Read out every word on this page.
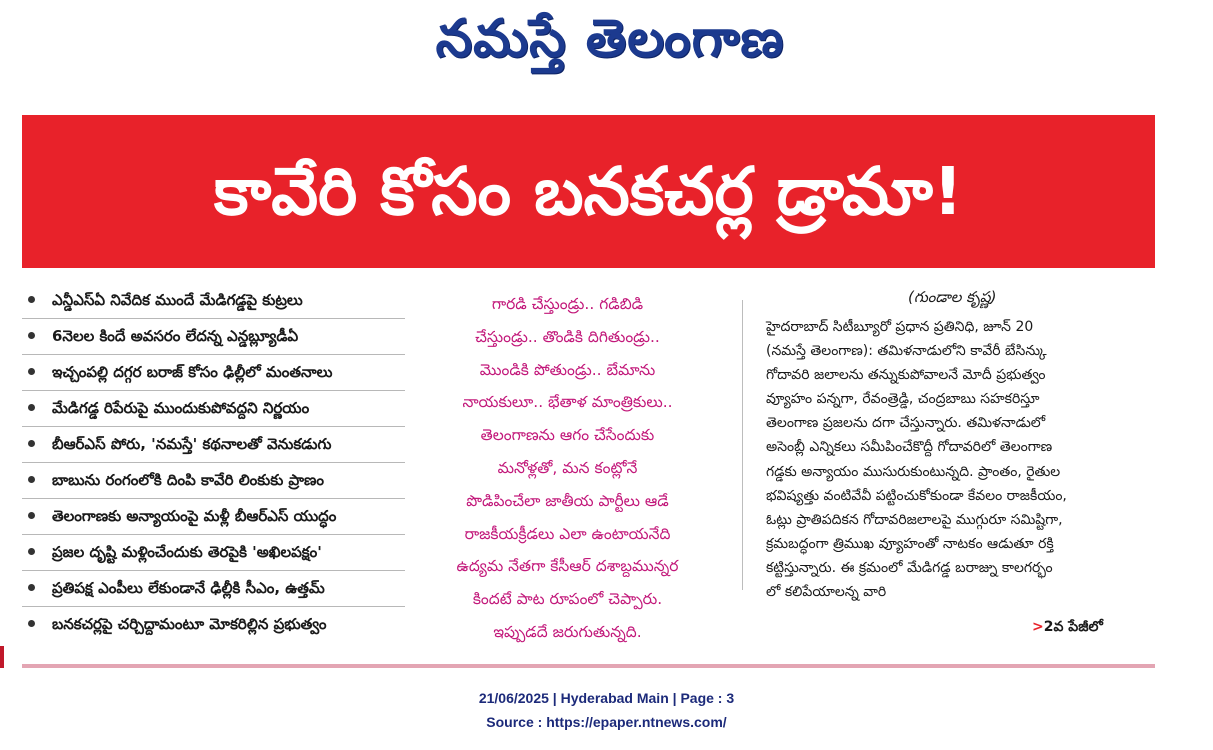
నమస్తే తెలంగాణ
కావేరి కోసం బనకచర్ల డ్రామా!
ఎన్డీఎస్ఏ నివేదిక ముందే మేడిగడ్డపై కుట్రలు
6నెలల కిందే అవసరం లేదన్న ఎన్డబ్ల్యూడీఏ
ఇచ్చంపల్లి దగ్గర బరాజ్ కోసం ఢిల్లీలో మంతనాలు
మేడిగడ్డ రిపేరుపై ముందుకుపోవద్దని నిర్ణయం
బీఆర్ఎస్ పోరు, 'నమస్తే' కథనాలతో వెనుకడుగు
బాబును రంగంలోకి దింపి కావేరి లింకుకు ప్రాణం
తెలంగాణకు అన్యాయంపై మళ్లీ బీఆర్ఎస్ యుద్ధం
ప్రజల దృష్టి మళ్లించేందుకు తెరపైకి 'అఖిలపక్షం'
ప్రతిపక్ష ఎంపీలు లేకుండానే ఢిల్లీకి సీఎం, ఉత్తమ్
బనకచర్లపై చర్చిద్దామంటూ మోకరిల్లిన ప్రభుత్వం

గారడి చేస్తుండ్రు.. గడిబిడి

చేస్తుండ్రు.. తొండికి దిగితుండ్రు..

మొండికి పోతుండ్రు.. బేమాను

నాయకులూ.. భేతాళ మాంత్రికులు..

తెలంగాణను ఆగం చేసేందుకు

మనోళ్లతో, మన కంట్లోనే

పొడిపించేలా జాతీయ పార్టీలు ఆడే

రాజకీయక్రీడలు ఎలా ఉంటాయనేది

ఉద్యమ నేతగా కేసీఆర్ దశాబ్దమున్నర

కిందటే పాట రూపంలో చెప్పారు.

ఇప్పుడదే జరుగుతున్నది.

(గుండాల కృష్ణ)

హైదరాబాద్ సిటీబ్యూరో ప్రధాన ప్రతినిధి, జూన్ 20

(నమస్తే తెలంగాణ): తమిళనాడులోని కావేరీ బేసిన్కు

గోదావరి జలాలను తన్నుకుపోవాలనే మోదీ ప్రభుత్వం

వ్యూహం పన్నగా, రేవంత్రెడ్డి, చంద్రబాబు సహకరిస్తూ

తెలంగాణ ప్రజలను దగా చేస్తున్నారు. తమిళనాడులో

అసెంబ్లీ ఎన్నికలు సమీపించేకొద్దీ గోదావరిలో తెలంగాణ

గడ్డకు అన్యాయం ముసురుకుంటున్నది. ప్రాంతం, రైతుల

భవిష్యత్తు వంటివేవీ పట్టించుకోకుండా కేవలం రాజకీయం,

ఓట్లు ప్రాతిపదికన గోదావరిజలాలపై ముగ్గురూ సమిష్టిగా,

క్రమబద్ధంగా త్రిముఖ వ్యూహంతో నాటకం ఆడుతూ రక్తి

కట్టిస్తున్నారు. ఈ క్రమంలో మేడిగడ్డ బరాజ్ను కాలగర్భం

లో కలిపేయాలన్న వారి

>2వ పేజీలో
21/06/2025 | Hyderabad Main | Page : 3
Source : https://epaper.ntnews.com/
